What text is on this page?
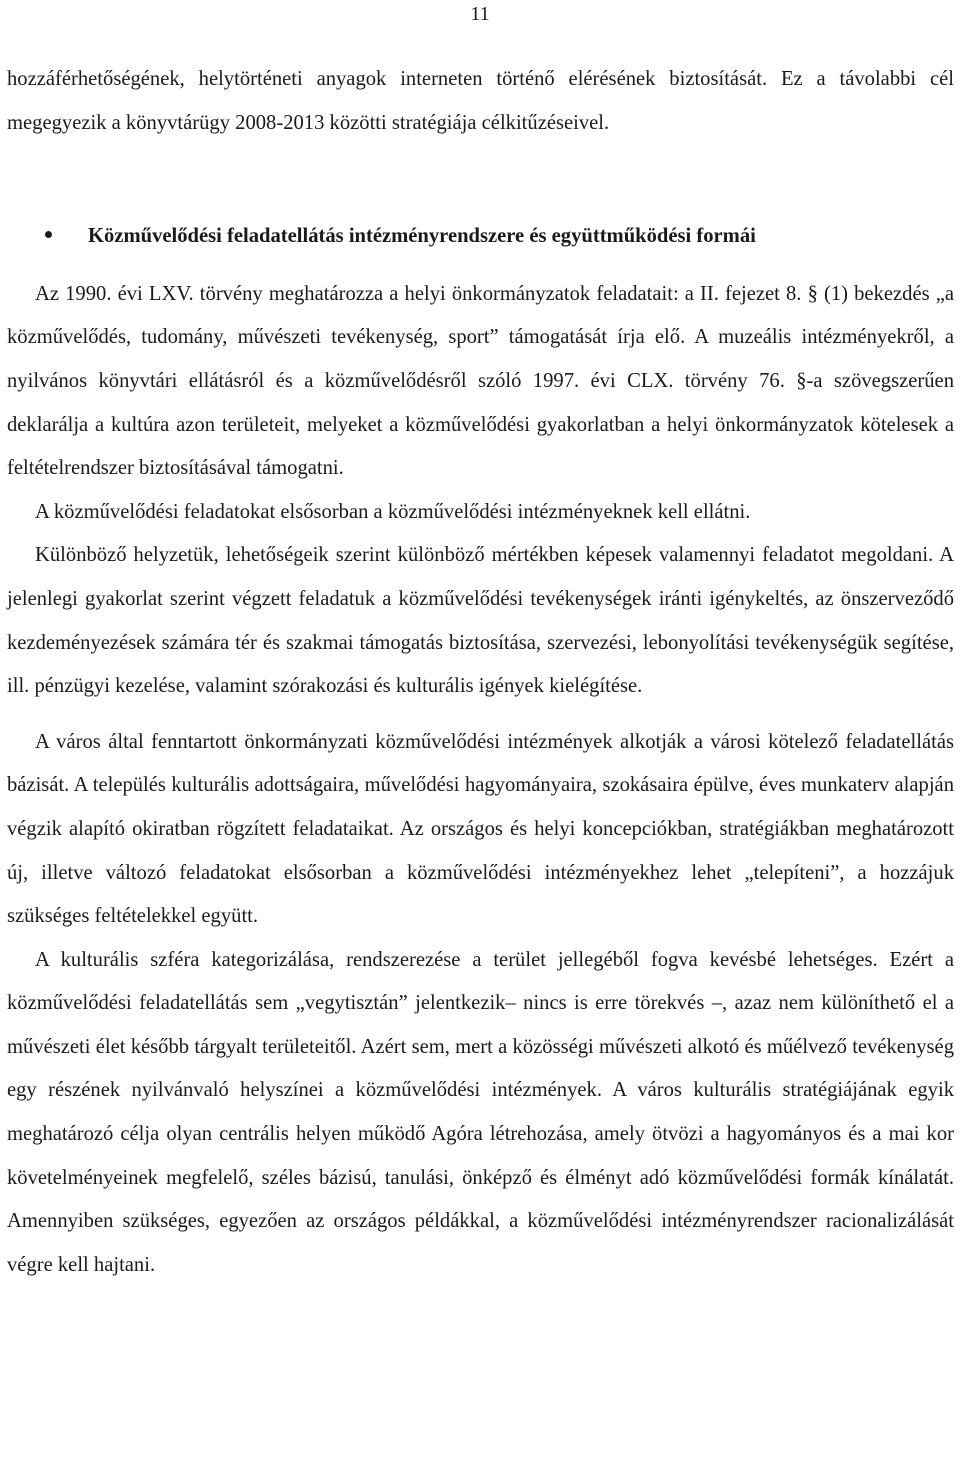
11

hozzáférhetőségének, helytörténeti anyagok interneten történő elérésének biztosítását. Ez a távolabbi cél megegyezik a könyvtárügy 2008-2013 közötti stratégiája célkitűzéseivel.

Közművelődési feladatellátás intézményrendszere és együttműködési formái

Az 1990. évi LXV. törvény meghatározza a helyi önkormányzatok feladatait: a II. fejezet 8. § (1) bekezdés „a közművelődés, tudomány, művészeti tevékenység, sport” támogatását írja elő. A muzeális intézményekről, a nyilvános könyvtári ellátásról és a közművelődésről szóló 1997. évi CLX. törvény 76. §-a szövegszerűen deklarálja a kultúra azon területeit, melyeket a közművelődési gyakorlatban a helyi önkormányzatok kötelesek a feltételrendszer biztosításával támogatni.

A közművelődési feladatokat elsősorban a közművelődési intézményeknek kell ellátni.

Különböző helyzetük, lehetőségeik szerint különböző mértékben képesek valamennyi feladatot megoldani. A jelenlegi gyakorlat szerint végzett feladatuk a közművelődési tevékenységek iránti igénykeltés, az önszerveződő kezdeményezések számára tér és szakmai támogatás biztosítása, szervezési, lebonyolítási tevékenységük segítése, ill. pénzügyi kezelése, valamint szórakozási és kulturális igények kielégítése.

A város által fenntartott önkormányzati közművelődési intézmények alkotják a városi kötelező feladatellátás bázisát. A település kulturális adottságaira, művelődési hagyományaira, szokásaira épülve, éves munkaterv alapján végzik alapító okiratban rögzített feladataikat. Az országos és helyi koncepciókban, stratégiákban meghatározott új, illetve változó feladatokat elsősorban a közművelődési intézményekhez lehet „telepíteni”, a hozzájuk szükséges feltételekkel együtt.

A kulturális szféra kategorizálása, rendszerezése a terület jellegéből fogva kevésbé lehetséges. Ezért a közművelődési feladatellátás sem „vegytisztán” jelentkezik– nincs is erre törekvés –, azaz nem különíthető el a művészeti élet később tárgyalt területeitől. Azért sem, mert a közösségi művészeti alkotó és műélvező tevékenység egy részének nyilvánvaló helyszínei a közművelődési intézmények. A város kulturális stratégiájának egyik meghatározó célja olyan centrális helyen működő Agóra létrehozása, amely ötvözi a hagyományos és a mai kor követelményeinek megfelelő, széles bázisú, tanulási, önképző és élményt adó közművelődési formák kínálatát. Amennyiben szükséges, egyezően az országos példákkal, a közművelődési intézményrendszer racionalizálását végre kell hajtani.
